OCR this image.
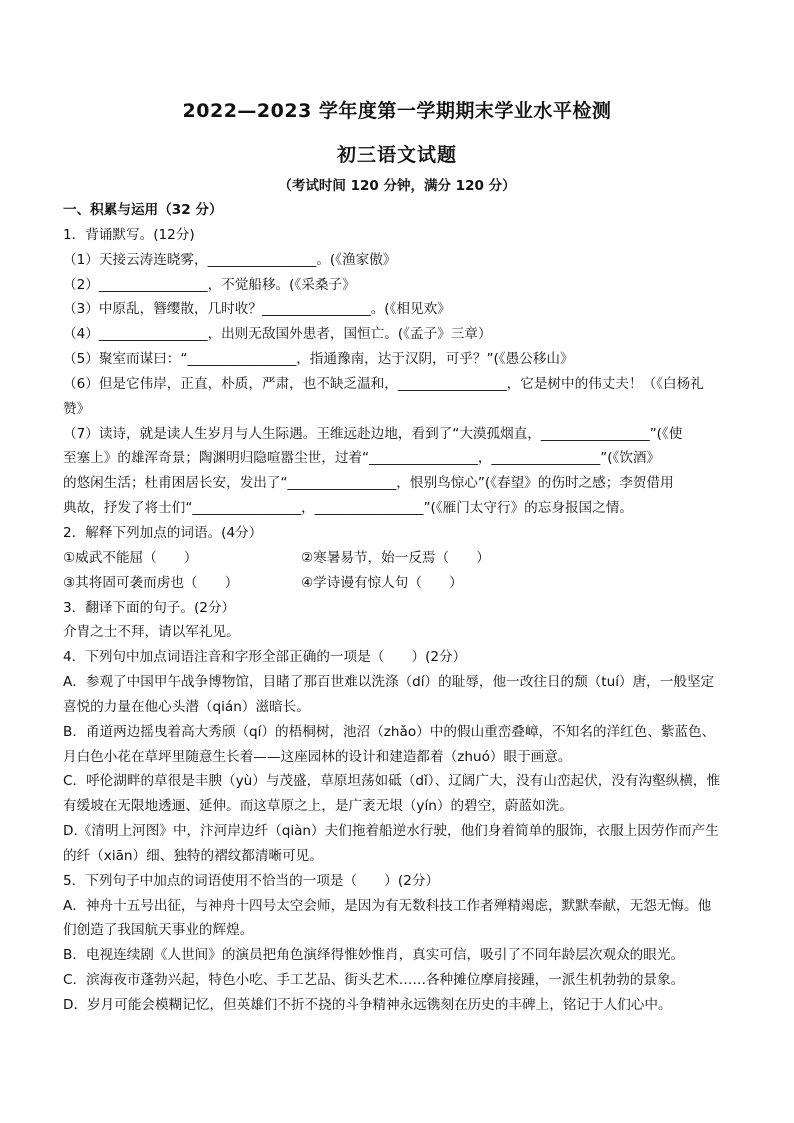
2022—2023 学年度第一学期期末学业水平检测
初三语文试题
（考试时间 120 分钟，满分 120 分）
一、积累与运用（32 分）
1．背诵默写。(12分)
（1）天接云涛连晓雾，________________。(《渔家傲》
（2）________________，不觉船移。(《采桑子》
（3）中原乱，簪缨散，几时收？________________。(《相见欢》
（4）________________，出则无敌国外患者，国恒亡。(《孟子》三章）
（5）聚室而谋曰：“________________，指通豫南，达于汉阴，可乎？”(《愚公移山》
（6）但是它伟岸，正直，朴质，严肃，也不缺乏温和，________________，它是树中的伟丈夫！（《白杨礼
赞》
（7）读诗，就是读人生岁月与人生际遇。王维远赴边地，看到了“大漠孤烟直，________________”(《使
至塞上》的雄浑奇景；陶渊明归隐喧嚣尘世，过着“________________，________________”(《饮酒》
的悠闲生活；杜甫困居长安，发出了“________________，恨别鸟惊心”(《春望》的伤时之感；李贺借用
典故，抒发了将士们“________________，________________”(《雁门太守行》的忘身报国之情。
2．解释下列加点的词语。(4分）
①威武不能屈（　　）	②寒暑易节，始一反焉（　　）
③其将固可袭而虏也（　　）	④学诗谩有惊人句（　　）
3．翻译下面的句子。(2分）
介胄之士不拜，请以军礼见。
4．下列句中加点词语注音和字形全部正确的一项是（　　）(2分）
A．参观了中国甲午战争博物馆，目睹了那百世难以洗涤（dí）的耻辱，他一改往日的颓（tuí）唐，一般坚定
喜悦的力量在他心头潜（qián）滋暗长。
B．甬道两边摇曳着高大秀颀（qí）的梧桐树，池沼（zhǎo）中的假山重峦叠嶂，不知名的洋红色、紫蓝色、
月白色小花在草坪里随意生长着——这座园林的设计和建造都着（zhuó）眼于画意。
C．呼伦湖畔的草很是丰腴（yù）与茂盛，草原坦荡如砥（dǐ）、辽阔广大，没有山峦起伏，没有沟壑纵横，惟
有缓坡在无限地透逦、延伸。而这草原之上，是广袤无垠（yín）的碧空，蔚蓝如洗。
D.《清明上河图》中，汴河岸边纤（qiàn）夫们拖着船逆水行驶，他们身着简单的服饰，衣服上因劳作而产生
的纤（xiān）细、独特的褶纹都清晰可见。
5．下列句子中加点的词语使用不恰当的一项是（　　）(2分）
A．神舟十五号出征，与神舟十四号太空会师，是因为有无数科技工作者殚精竭虑，默默奉献，无怨无悔。他
们创造了我国航天事业的辉煌。
B．电视连续剧《人世间》的演员把角色演绎得惟妙惟肖，真实可信，吸引了不同年龄层次观众的眼光。
C．滨海夜市蓬勃兴起，特色小吃、手工艺品、街头艺术……各种摊位摩肩接踵，一派生机勃勃的景象。
D．岁月可能会模糊记忆，但英雄们不折不挠的斗争精神永远镌刻在历史的丰碑上，铭记于人们心中。
